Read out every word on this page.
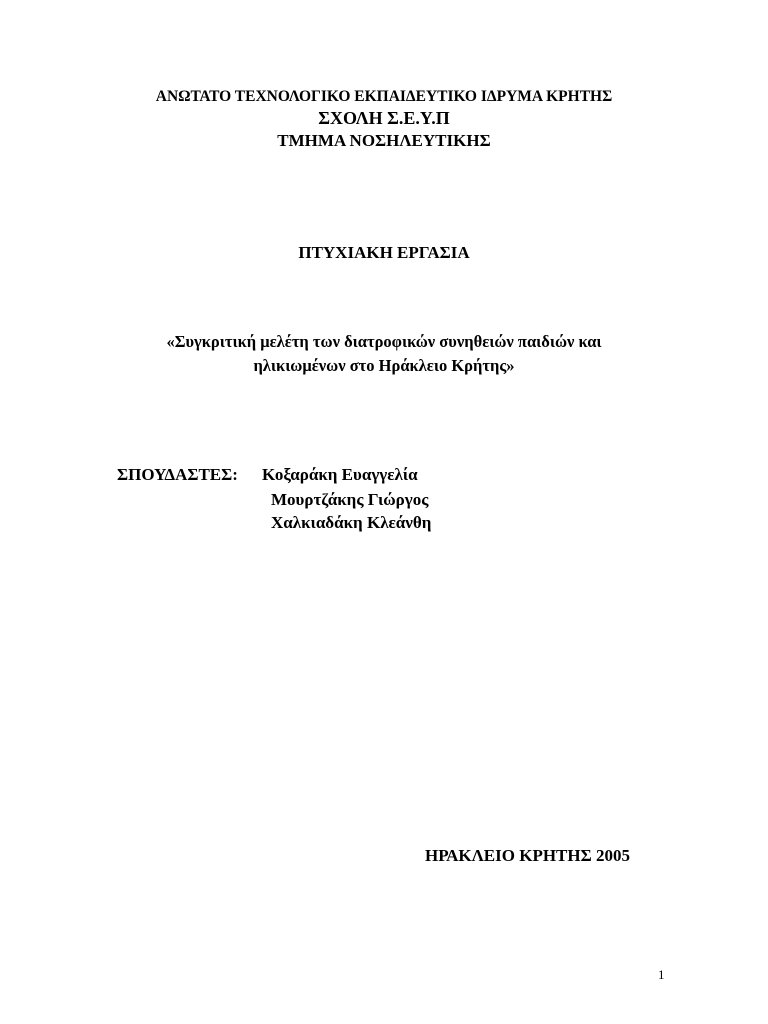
ΑΝΩΤΑΤΟ ΤΕΧΝΟΛΟΓΙΚΟ ΕΚΠΑΙΔΕΥΤΙΚΟ ΙΔΡΥΜΑ ΚΡΗΤΗΣ
ΣΧΟΛΗ Σ.Ε.Υ.Π
ΤΜΗΜΑ ΝΟΣΗΛΕΥΤΙΚΗΣ
ΠΤΥΧΙΑΚΗ ΕΡΓΑΣΙΑ
«Συγκριτική μελέτη των διατροφικών συνηθειών παιδιών και
ηλικιωμένων στο Ηράκλειο Κρήτης»
ΣΠΟΥΔΑΣΤΕΣ: Κοξαράκη Ευαγγελία
Μουρτζάκης Γιώργος
Χαλκιαδάκη Κλεάνθη
ΗΡΑΚΛΕΙΟ ΚΡΗΤΗΣ 2005
1
